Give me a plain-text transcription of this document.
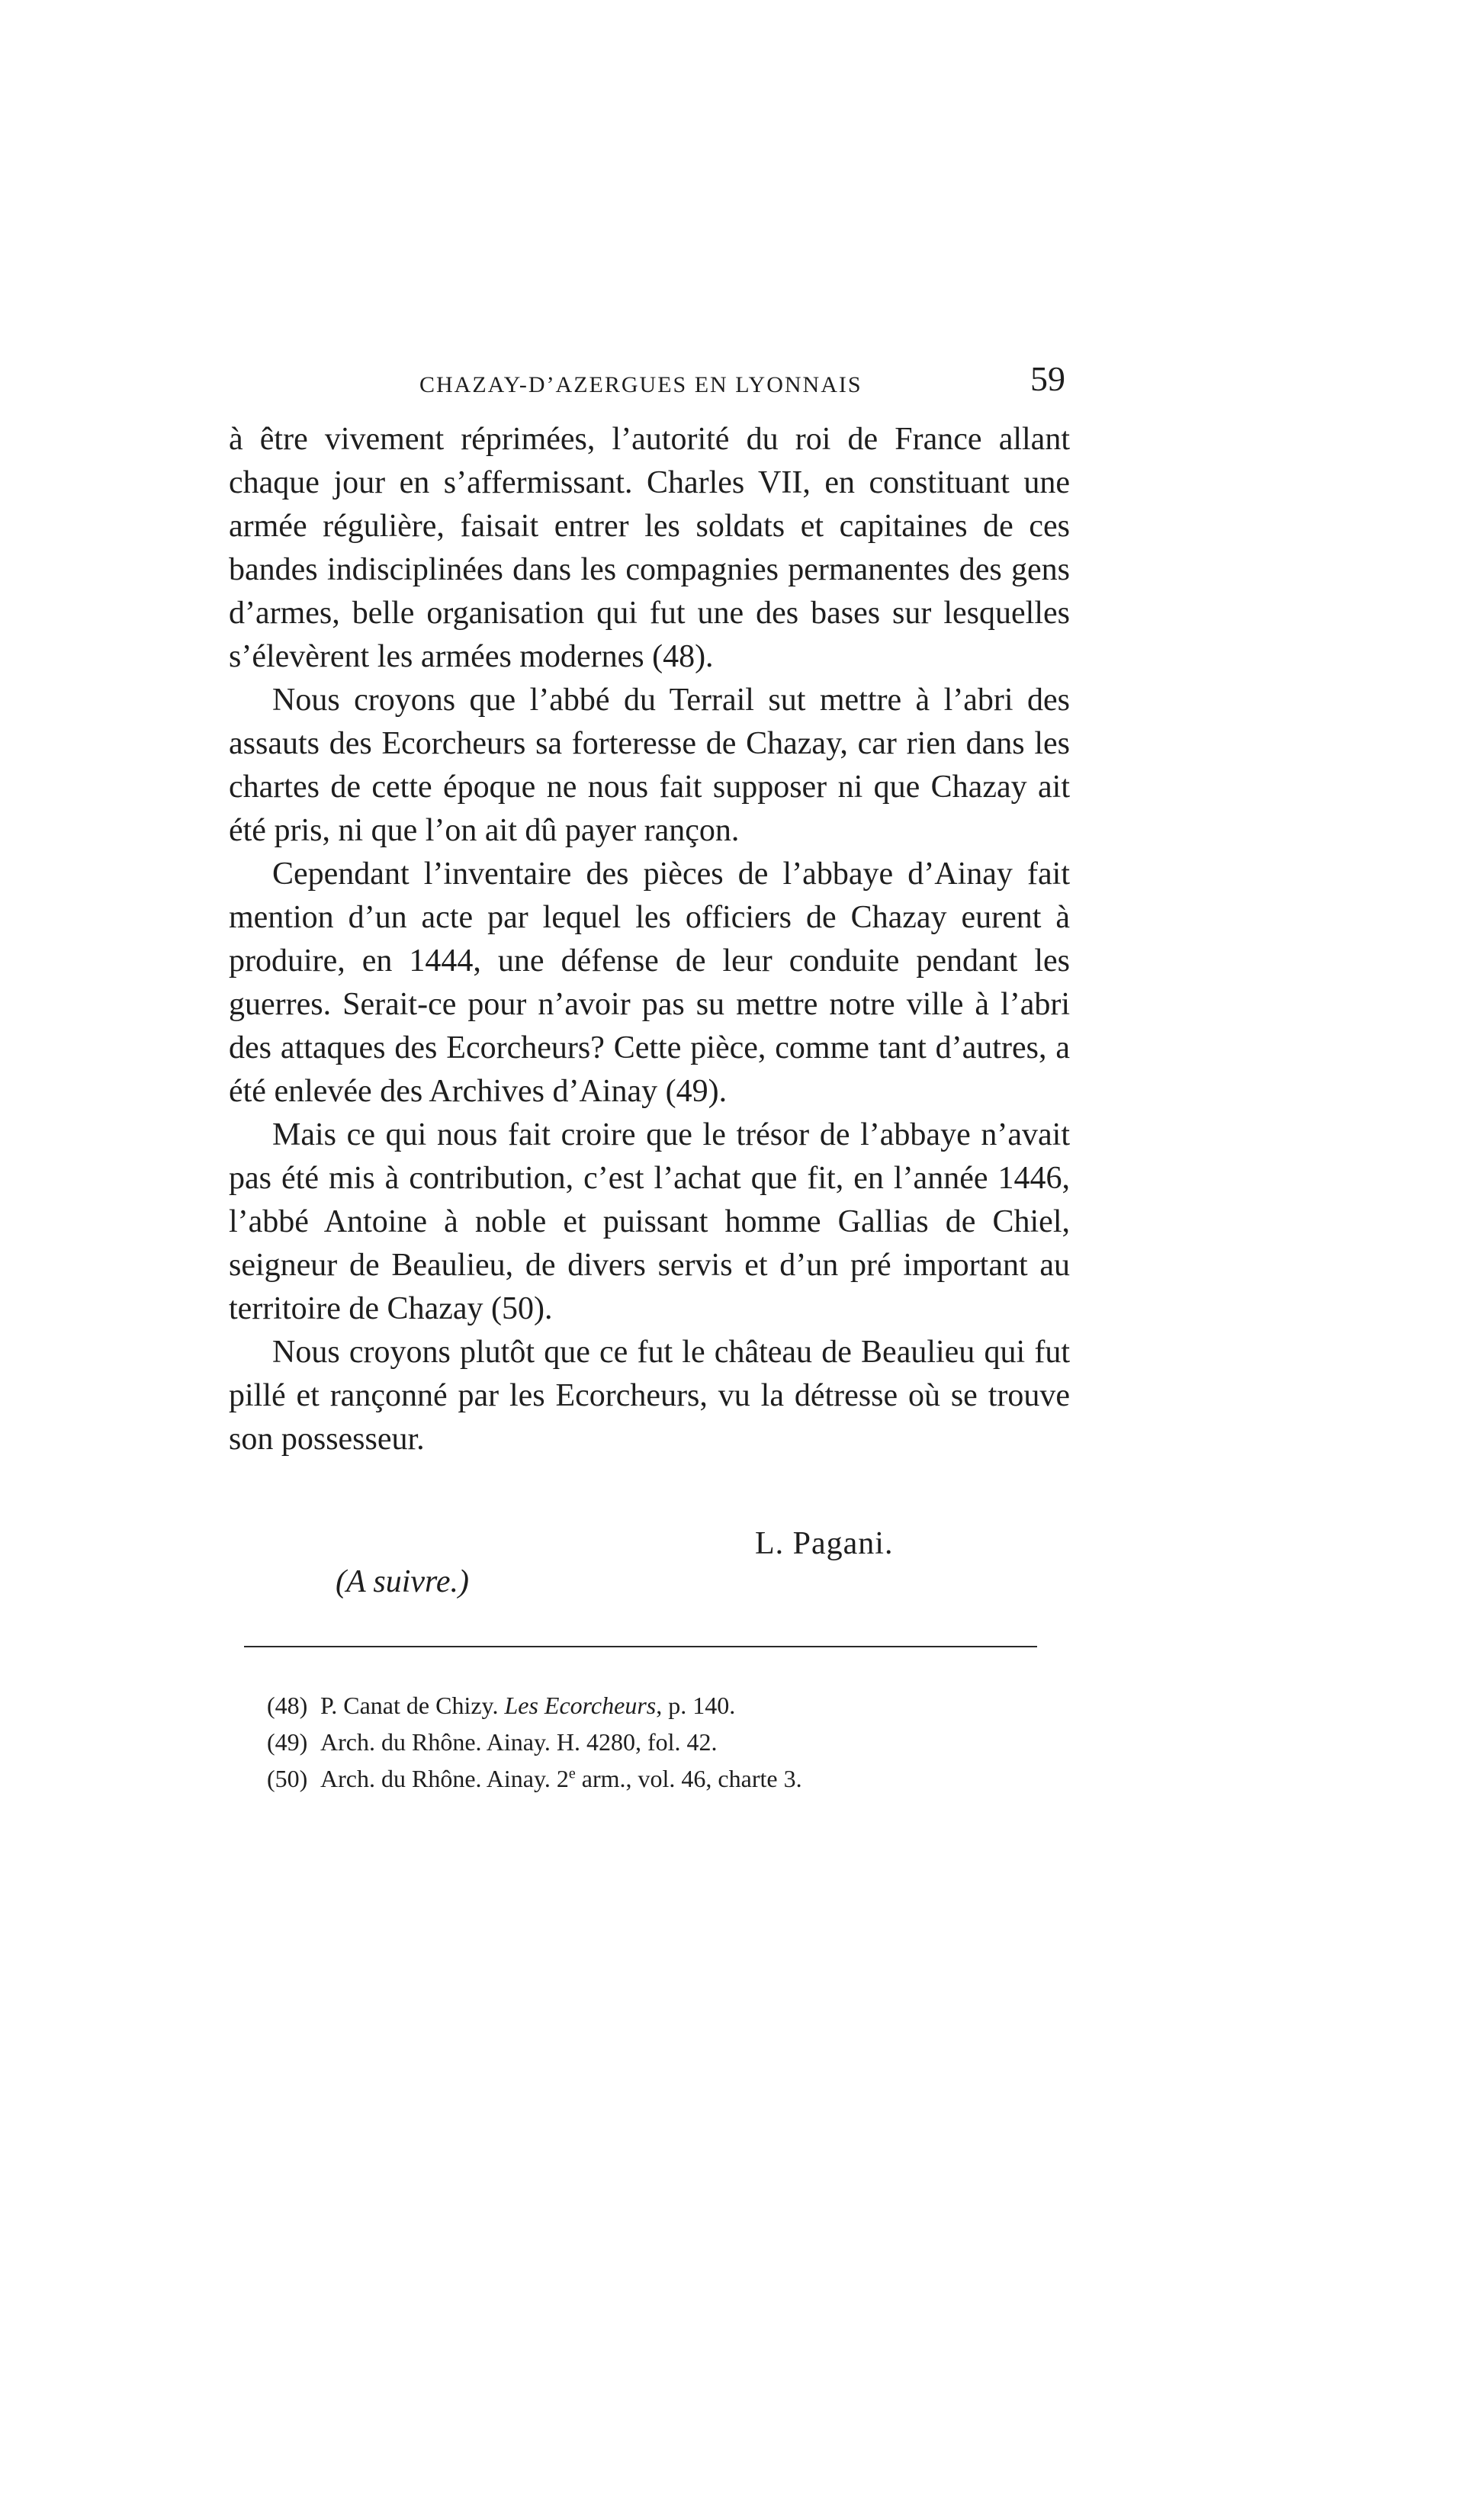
CHAZAY-D’AZERGUES EN LYONNAIS	59

à être vivement réprimées, l’autorité du roi de France allant chaque jour en s’affermissant. Charles VII, en constituant une armée régulière, faisait entrer les soldats et capitaines de ces bandes indisciplinées dans les compagnies permanentes des gens d’armes, belle organisation qui fut une des bases sur lesquelles s’élevèrent les armées modernes (48).

Nous croyons que l’abbé du Terrail sut mettre à l’abri des assauts des Ecorcheurs sa forteresse de Chazay, car rien dans les chartes de cette époque ne nous fait supposer ni que Chazay ait été pris, ni que l’on ait dû payer rançon.

Cependant l’inventaire des pièces de l’abbaye d’Ainay fait mention d’un acte par lequel les officiers de Chazay eurent à produire, en 1444, une défense de leur conduite pendant les guerres. Serait-ce pour n’avoir pas su mettre notre ville à l’abri des attaques des Ecorcheurs? Cette pièce, comme tant d’autres, a été enlevée des Archives d’Ainay (49).

Mais ce qui nous fait croire que le trésor de l’abbaye n’avait pas été mis à contribution, c’est l’achat que fit, en l’année 1446, l’abbé Antoine à noble et puissant homme Gallias de Chiel, seigneur de Beaulieu, de divers servis et d’un pré important au territoire de Chazay (50).

Nous croyons plutôt que ce fut le château de Beaulieu qui fut pillé et rançonné par les Ecorcheurs, vu la détresse où se trouve son possesseur.

L. Pagani.
(A suivre.)
(48) P. Canat de Chizy. Les Ecorcheurs, p. 140.
(49) Arch. du Rhône. Ainay. H. 4280, fol. 42.
(50) Arch. du Rhône. Ainay. 2e arm., vol. 46, charte 3.
